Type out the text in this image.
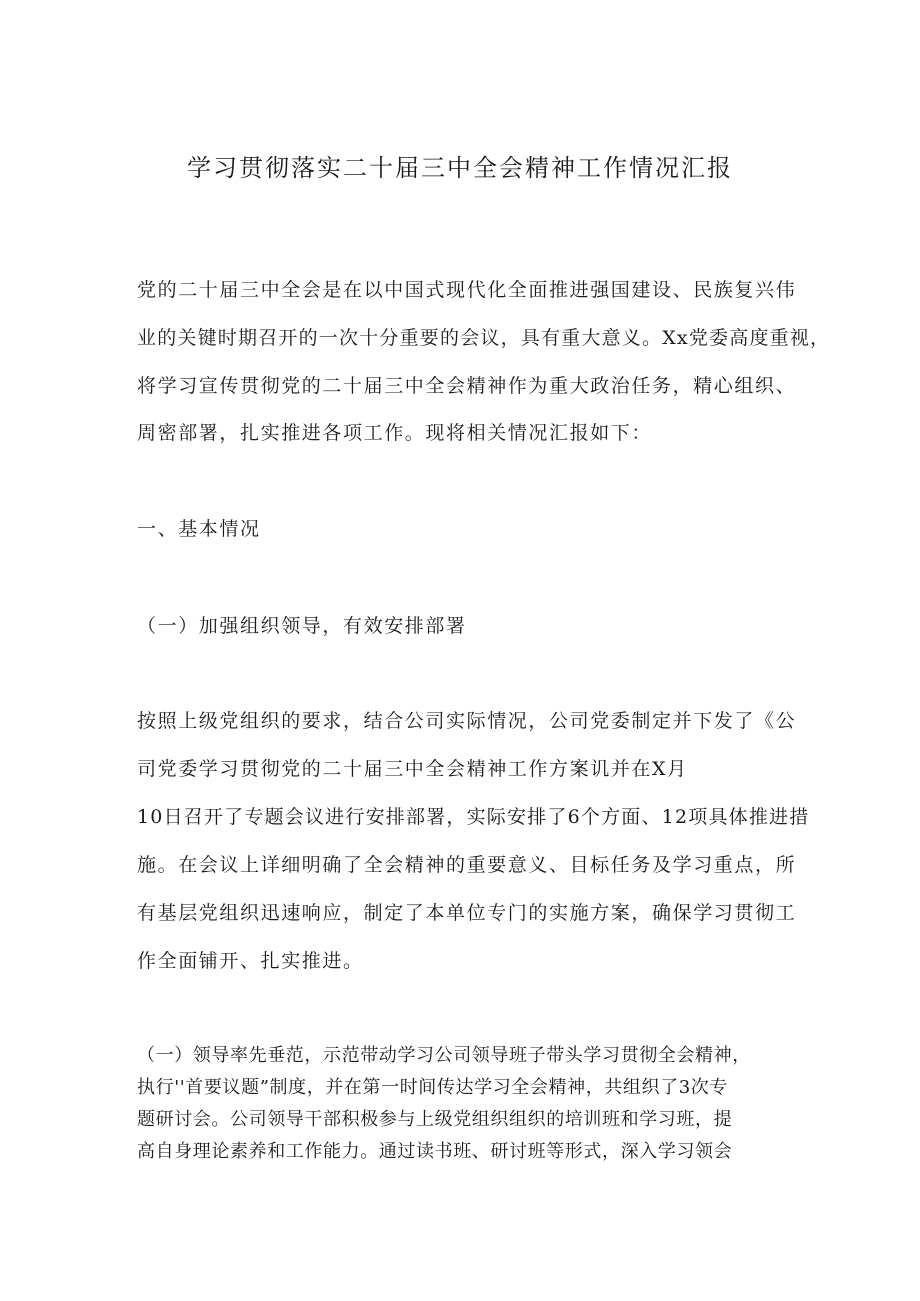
学习贯彻落实二十届三中全会精神工作情况汇报
党的二十届三中全会是在以中国式现代化全面推进强国建设、民族复兴伟
业的关键时期召开的一次十分重要的会议，具有重大意义。Xx党委高度重视，
将学习宣传贯彻党的二十届三中全会精神作为重大政治任务，精心组织、
周密部署，扎实推进各项工作。现将相关情况汇报如下：
一、基本情况
（一）加强组织领导，有效安排部署
按照上级党组织的要求，结合公司实际情况，公司党委制定并下发了《公
司党委学习贯彻党的二十届三中全会精神工作方案讥并在X月
10日召开了专题会议进行安排部署，实际安排了6个方面、12项具体推进措
施。在会议上详细明确了全会精神的重要意义、目标任务及学习重点，所
有基层党组织迅速响应，制定了本单位专门的实施方案，确保学习贯彻工
作全面铺开、扎实推进。
（一）领导率先垂范，示范带动学习公司领导班子带头学习贯彻全会精神，
执行''首要议题”制度，并在第一时间传达学习全会精神，共组织了3次专
题研讨会。公司领导干部积极参与上级党组织组织的培训班和学习班，提
高自身理论素养和工作能力。通过读书班、研讨班等形式，深入学习领会
